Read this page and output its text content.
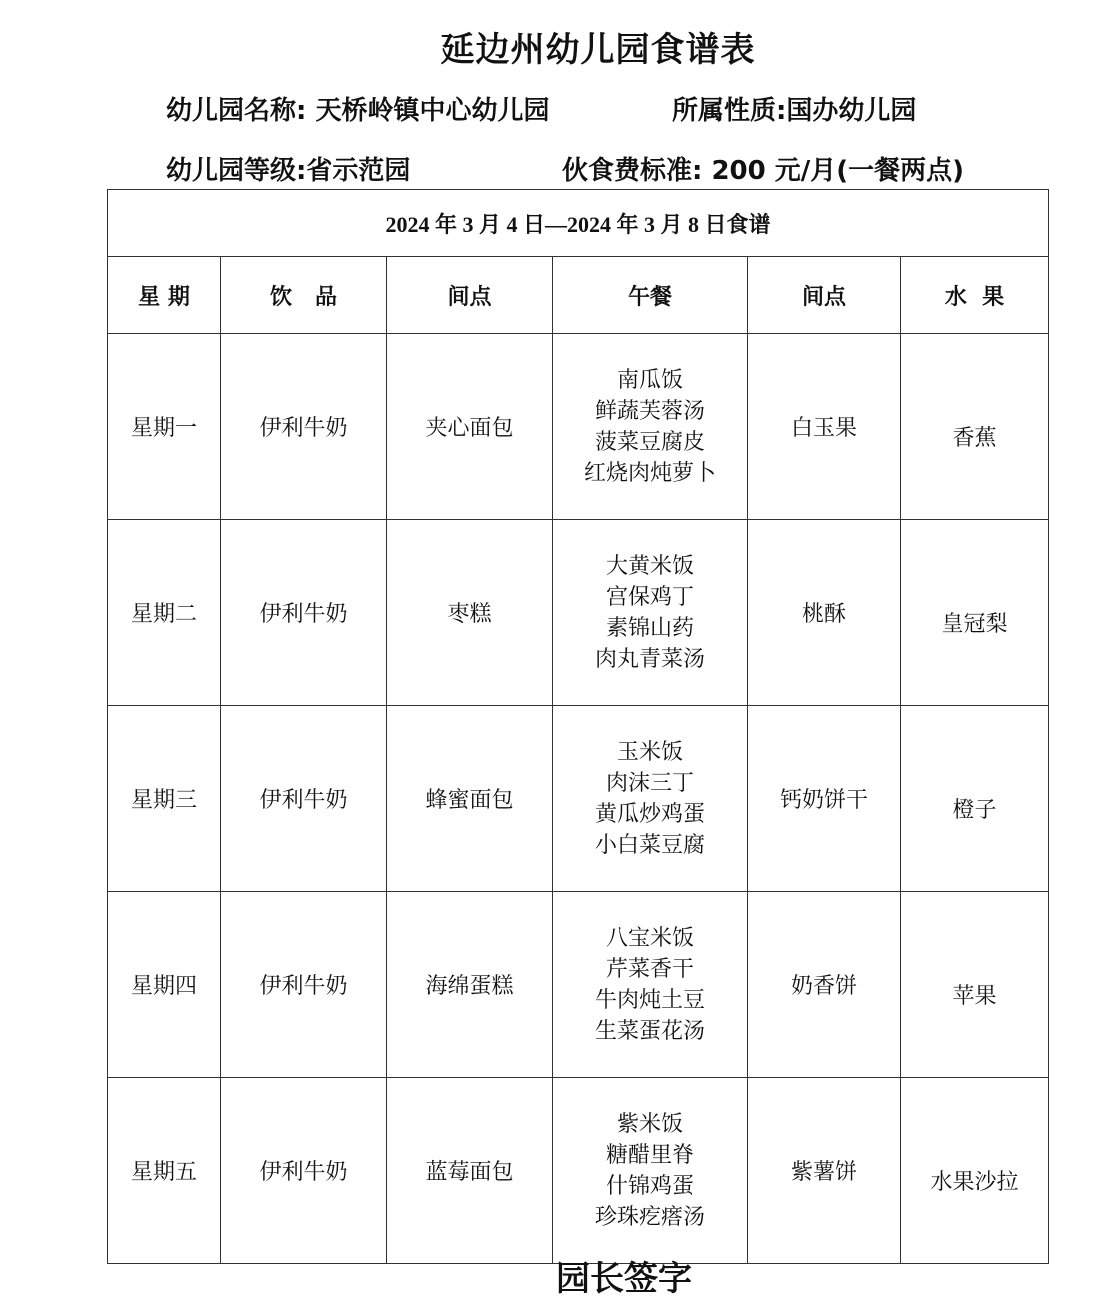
延边州幼儿园食谱表
幼儿园名称: 天桥岭镇中心幼儿园	所属性质:国办幼儿园
幼儿园等级:省示范园	伙食费标准: 200 元/月(一餐两点)
2024 年 3 月 4 日—2024 年 3 月 8 日食谱					
星 期	饮   品	间点	午餐	间点	水  果
星期一	伊利牛奶	夹心面包	南瓜饭
鲜蔬芙蓉汤
菠菜豆腐皮
红烧肉炖萝卜	白玉果	香蕉
星期二	伊利牛奶	枣糕	大黄米饭
宫保鸡丁
素锦山药
肉丸青菜汤	桃酥	皇冠梨
星期三	伊利牛奶	蜂蜜面包	玉米饭
肉沫三丁
黄瓜炒鸡蛋
小白菜豆腐	钙奶饼干	橙子
星期四	伊利牛奶	海绵蛋糕	八宝米饭
芹菜香干
牛肉炖土豆
生菜蛋花汤	奶香饼	苹果
星期五	伊利牛奶	蓝莓面包	紫米饭
糖醋里脊
什锦鸡蛋
珍珠疙瘩汤	紫薯饼	水果沙拉
园长签字
